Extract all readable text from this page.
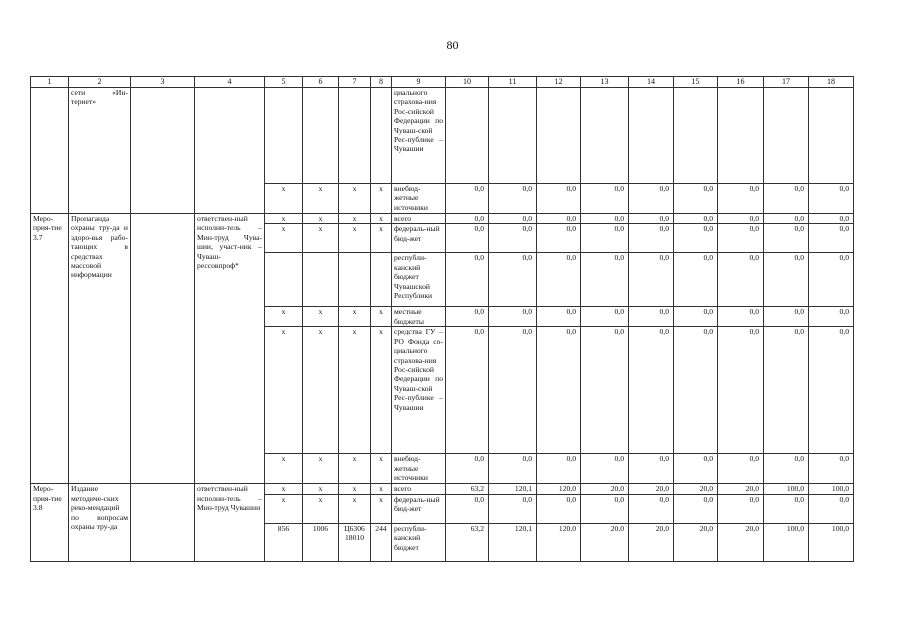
80
1	2	3	4	5	6	7	8	9	10	11	12	13	14	15	16	17	18
	сети «Ин-тернет»							циального страхова-ния Рос-сийской Федерации по Чуваш-ской Рес-публике – Чувашии									
				x	x	x	x	внебюд-жетные источники	0,0	0,0	0,0	0,0	0,0	0,0	0,0	0,0	0,0
Меро-прия-тие 3.7	Пропаганда охраны тру-да и здоро-вья рабо-тающих в средствах массовой информации		ответствен-ный исполни-тель – Мин-труд Чува-шии, участ-ник – Чуваш-рессовпроф*	x	x	x	x	всего	0,0	0,0	0,0	0,0	0,0	0,0	0,0	0,0	0,0
				x	x	x	x	федераль-ный бюд-жет	0,0	0,0	0,0	0,0	0,0	0,0	0,0	0,0	0,0
								республи-канский бюджет Чувашской Республики	0,0	0,0	0,0	0,0	0,0	0,0	0,0	0,0	0,0
				x	x	x	x	местные бюджеты	0,0	0,0	0,0	0,0	0,0	0,0	0,0	0,0	0,0
				x	x	x	x	средства ГУ – РО Фонда со-циального страхова-ния Рос-сийской Федерации по Чуваш-ской Рес-публике – Чувашии	0,0	0,0	0,0	0,0	0,0	0,0	0,0	0,0	0,0
				x	x	x	x	внебюд-жетные источники	0,0	0,0	0,0	0,0	0,0	0,0	0,0	0,0	0,0
Меро-прия-тие 3.8	Издание методиче-ских реко-мендаций по вопросам охраны тру-да		ответствен-ный исполни-тель – Мин-труд Чувашии	x	x	x	x	всего	63,2	120,1	120,0	20,0	20,0	20,0	20,0	100,0	100,0
				x	x	x	x	федераль-ный бюд-жет	0,0	0,0	0,0	0,0	0,0	0,0	0,0	0,0	0,0
				856	1006	Ц6306 18010	244	республи-канский бюджет	63,2	120,1	120,0	20,0	20,0	20,0	20,0	100,0	100,0
